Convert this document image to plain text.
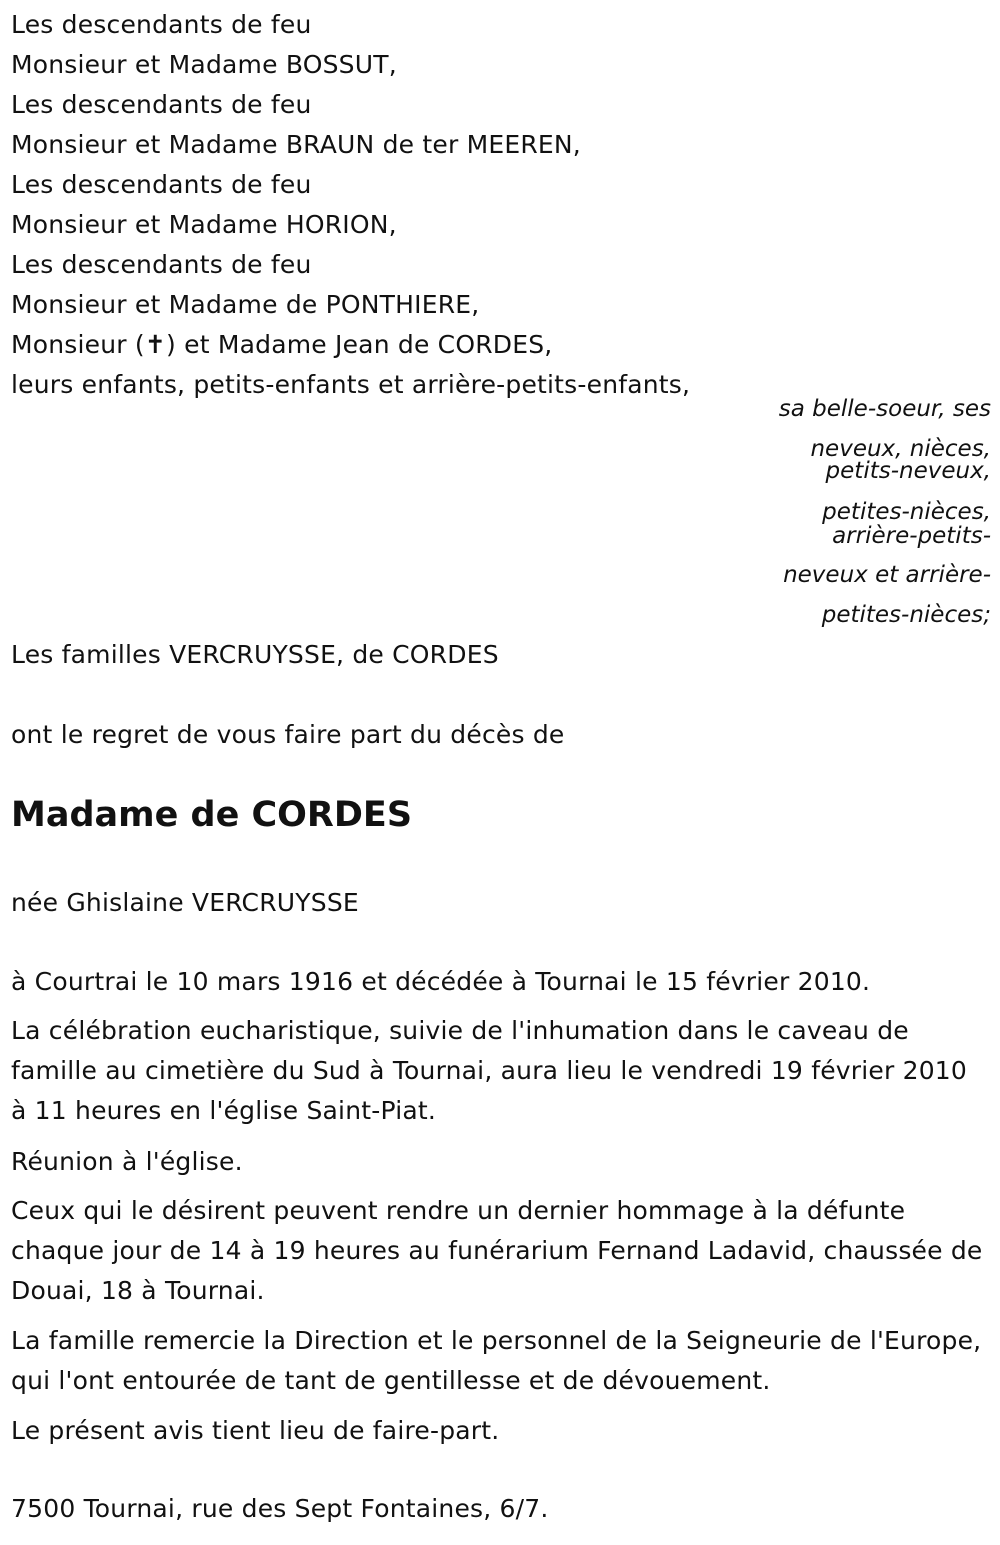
Les descendants de feu
Monsieur et Madame BOSSUT,
Les descendants de feu
Monsieur et Madame BRAUN de ter MEEREN,
Les descendants de feu
Monsieur et Madame HORION,
Les descendants de feu
Monsieur et Madame de PONTHIERE,
Monsieur (✝) et Madame Jean de CORDES,
leurs enfants, petits-enfants et arrière-petits-enfants,
sa belle-soeur, ses
neveux, nièces,
petits-neveux,
petites-nièces,
arrière-petits-
neveux et arrière-
petites-nièces;
Les familles VERCRUYSSE, de CORDES
ont le regret de vous faire part du décès de
Madame de CORDES
née Ghislaine VERCRUYSSE
à Courtrai le 10 mars 1916 et décédée à Tournai le 15 février 2010.
La célébration eucharistique, suivie de l'inhumation dans le caveau de famille au cimetière du Sud à Tournai, aura lieu le vendredi 19 février 2010 à 11 heures en l'église Saint-Piat.
Réunion à l'église.
Ceux qui le désirent peuvent rendre un dernier hommage à la défunte chaque jour de 14 à 19 heures au funérarium Fernand Ladavid, chaussée de Douai, 18 à Tournai.
La famille remercie la Direction et le personnel de la Seigneurie de l'Europe, qui l'ont entourée de tant de gentillesse et de dévouement.
Le présent avis tient lieu de faire-part.
7500 Tournai, rue des Sept Fontaines, 6/7.
